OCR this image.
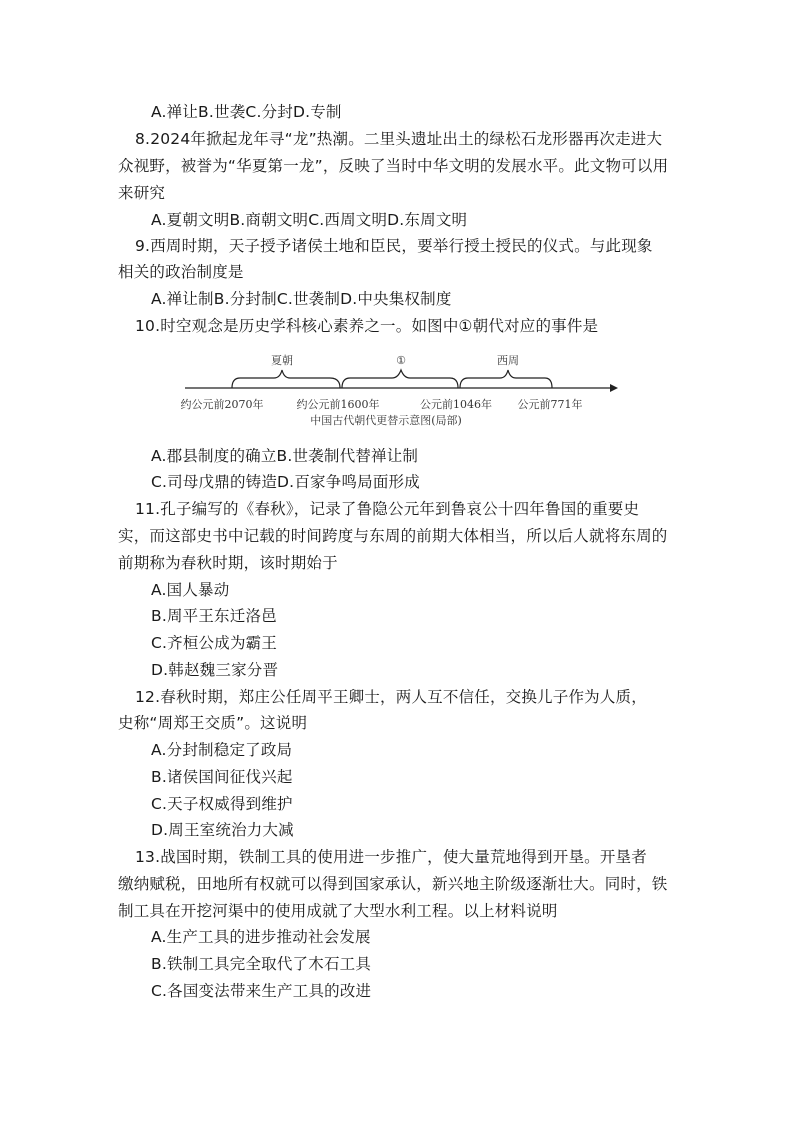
A.禅让B.世袭C.分封D.专制
8.2024年掀起龙年寻“龙”热潮。二里头遗址出土的绿松石龙形器再次走进大
众视野，被誉为“华夏第一龙”，反映了当时中华文明的发展水平。此文物可以用
来研究
A.夏朝文明B.商朝文明C.西周文明D.东周文明
9.西周时期，天子授予诸侯土地和臣民，要举行授土授民的仪式。与此现象
相关的政治制度是
A.禅让制B.分封制C.世袭制D.中央集权制度
10.时空观念是历史学科核心素养之一。如图中①朝代对应的事件是
夏朝	①	西周
约公元前2070年	约公元前1600年	公元前1046年 公元前771年
中国古代朝代更替示意图(局部)
A.郡县制度的确立B.世袭制代替禅让制
C.司母戊鼎的铸造D.百家争鸣局面形成
11.孔子编写的《春秋》，记录了鲁隐公元年到鲁哀公十四年鲁国的重要史
实，而这部史书中记载的时间跨度与东周的前期大体相当，所以后人就将东周的
前期称为春秋时期，该时期始于
A.国人暴动
B.周平王东迁洛邑
C.齐桓公成为霸王
D.韩赵魏三家分晋
12.春秋时期，郑庄公任周平王卿士，两人互不信任，交换儿子作为人质，
史称“周郑王交质”。这说明
A.分封制稳定了政局
B.诸侯国间征伐兴起
C.天子权威得到维护
D.周王室统治力大减
13.战国时期，铁制工具的使用进一步推广，使大量荒地得到开垦。开垦者
缴纳赋税，田地所有权就可以得到国家承认，新兴地主阶级逐渐壮大。同时，铁
制工具在开挖河渠中的使用成就了大型水利工程。以上材料说明
A.生产工具的进步推动社会发展
B.铁制工具完全取代了木石工具
C.各国变法带来生产工具的改进
